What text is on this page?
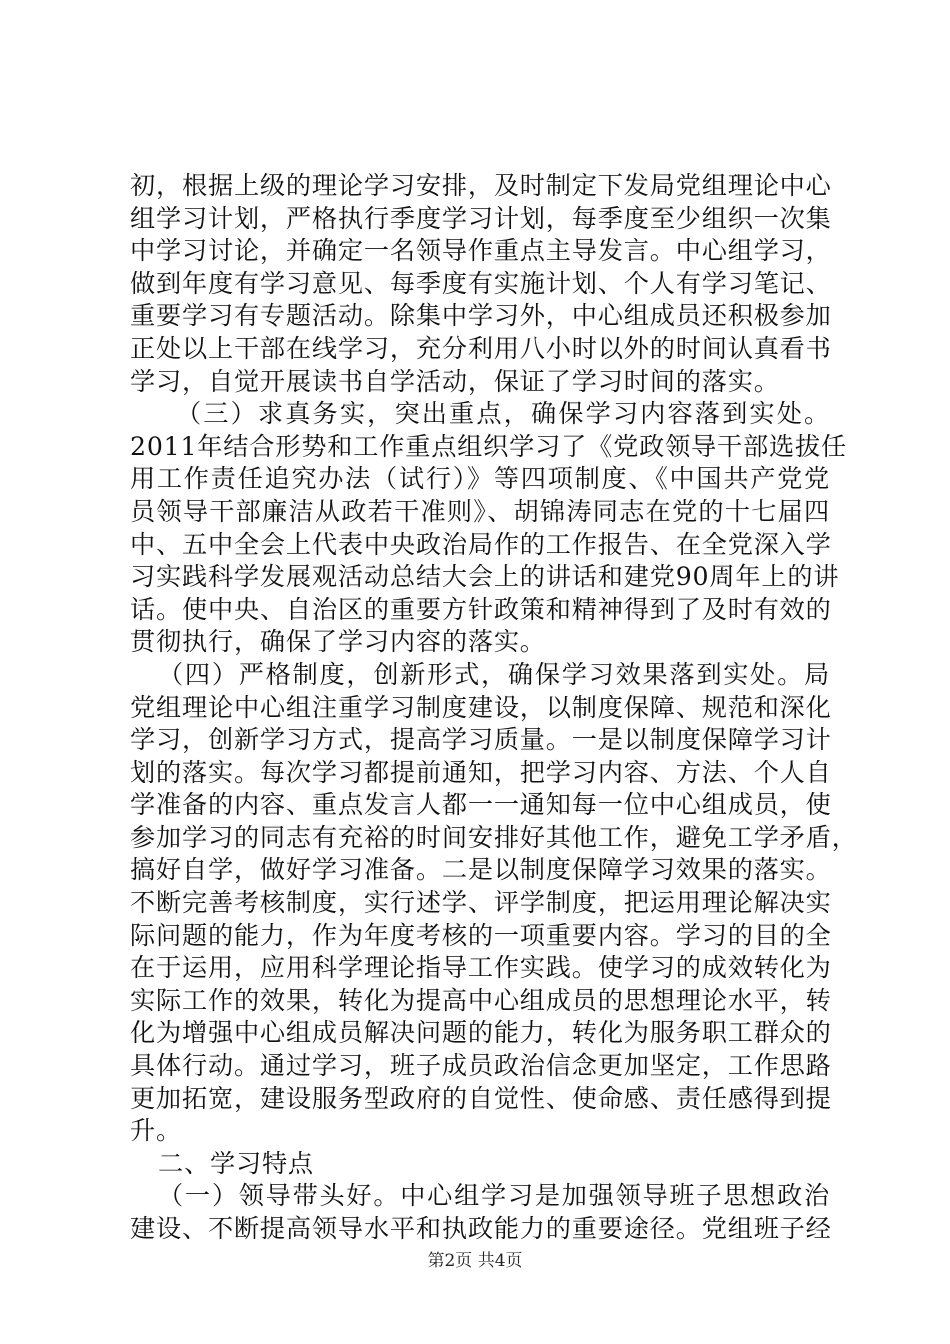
初，根据上级的理论学习安排，及时制定下发局党组理论中心
组学习计划，严格执行季度学习计划，每季度至少组织一次集
中学习讨论，并确定一名领导作重点主导发言。中心组学习，
做到年度有学习意见、每季度有实施计划、个人有学习笔记、
重要学习有专题活动。除集中学习外，中心组成员还积极参加
正处以上干部在线学习，充分利用八小时以外的时间认真看书
学习，自觉开展读书自学活动，保证了学习时间的落实。
（三）求真务实，突出重点，确保学习内容落到实处。
2011年结合形势和工作重点组织学习了《党政领导干部选拔任
用工作责任追究办法（试行）》等四项制度、《中国共产党党
员领导干部廉洁从政若干准则》、胡锦涛同志在党的十七届四
中、五中全会上代表中央政治局作的工作报告、在全党深入学
习实践科学发展观活动总结大会上的讲话和建党90周年上的讲
话。使中央、自治区的重要方针政策和精神得到了及时有效的
贯彻执行，确保了学习内容的落实。
（四）严格制度，创新形式，确保学习效果落到实处。局
党组理论中心组注重学习制度建设，以制度保障、规范和深化
学习，创新学习方式，提高学习质量。一是以制度保障学习计
划的落实。每次学习都提前通知，把学习内容、方法、个人自
学准备的内容、重点发言人都一一通知每一位中心组成员，使
参加学习的同志有充裕的时间安排好其他工作，避免工学矛盾，
搞好自学，做好学习准备。二是以制度保障学习效果的落实。
不断完善考核制度，实行述学、评学制度，把运用理论解决实
际问题的能力，作为年度考核的一项重要内容。学习的目的全
在于运用，应用科学理论指导工作实践。使学习的成效转化为
实际工作的效果，转化为提高中心组成员的思想理论水平，转
化为增强中心组成员解决问题的能力，转化为服务职工群众的
具体行动。通过学习，班子成员政治信念更加坚定，工作思路
更加拓宽，建设服务型政府的自觉性、使命感、责任感得到提
升。
二、学习特点
（一）领导带头好。中心组学习是加强领导班子思想政治
建设、不断提高领导水平和执政能力的重要途径。党组班子经
第2页 共4页
